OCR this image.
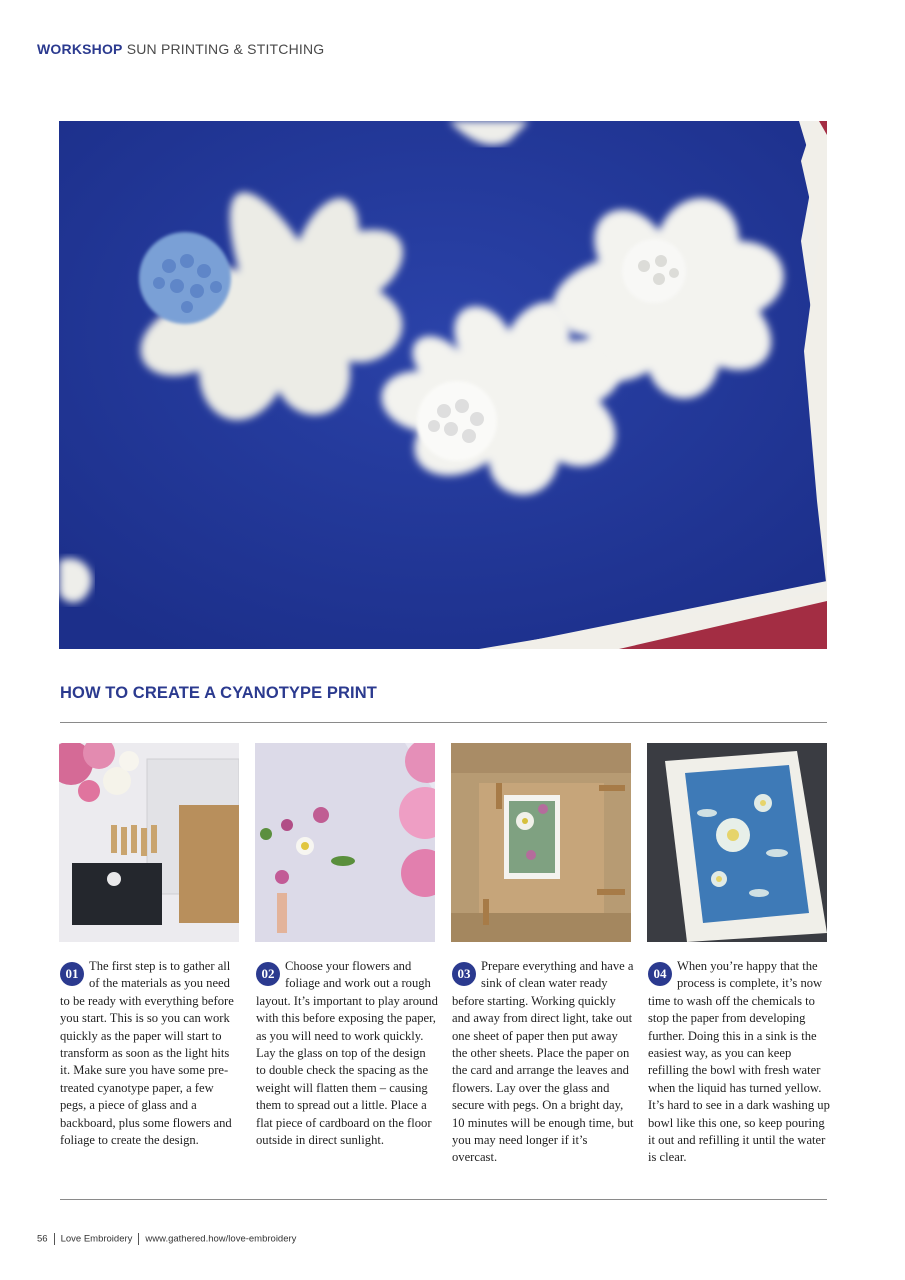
WORKSHOP SUN PRINTING & STITCHING
HOW TO CREATE A CYANOTYPE PRINT
01 The first step is to gather all of the materials as you need to be ready with everything before you start. This is so you can work quickly as the paper will start to transform as soon as the light hits it. Make sure you have some pre-treated cyanotype paper, a few pegs, a piece of glass and a backboard, plus some flowers and foliage to create the design.
02 Choose your flowers and foliage and work out a rough layout. It’s important to play around with this before exposing the paper, as you will need to work quickly. Lay the glass on top of the design to double check the spacing as the weight will flatten them – causing them to spread out a little. Place a flat piece of cardboard on the floor outside in direct sunlight.
03 Prepare everything and have a sink of clean water ready before starting. Working quickly and away from direct light, take out one sheet of paper then put away the other sheets. Place the paper on the card and arrange the leaves and flowers. Lay over the glass and secure with pegs. On a bright day, 10 minutes will be enough time, but you may need longer if it’s overcast.
04 When you’re happy that the process is complete, it’s now time to wash off the chemicals to stop the paper from developing further. Doing this in a sink is the easiest way, as you can keep refilling the bowl with fresh water when the liquid has turned yellow. It’s hard to see in a dark washing up bowl like this one, so keep pouring it out and refilling it until the water is clear.
56 Love Embroidery www.gathered.how/love-embroidery
